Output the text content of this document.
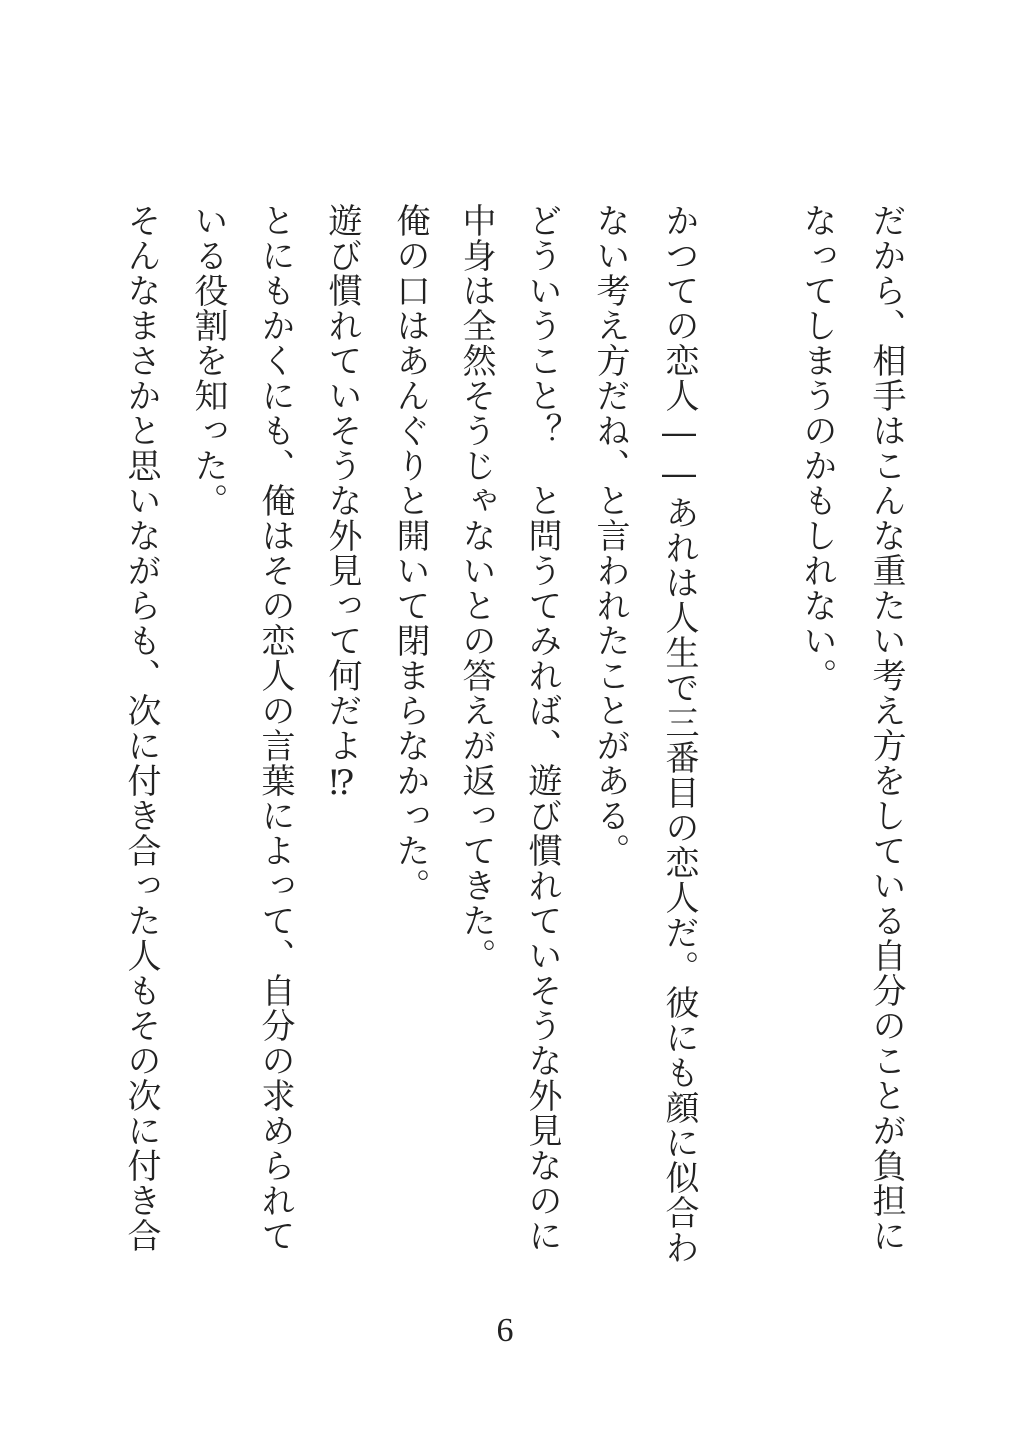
だから、相手はこんな重たい考え方をしている自分のことが負担に

なってしまうのかもしれない。

かつての恋人――あれは人生で三番目の恋人だ。彼にも顔に似合わ

ない考え方だね、と言われたことがある。

どういうこと？　と問うてみれば、遊び慣れていそうな外見なのに

中身は全然そうじゃないとの答えが返ってきた。

俺の口はあんぐりと開いて閉まらなかった。

遊び慣れていそうな外見って何だよ⁉

とにもかくにも、俺はその恋人の言葉によって、自分の求められて

いる役割を知った。

そんなまさかと思いながらも、次に付き合った人もその次に付き合

6
